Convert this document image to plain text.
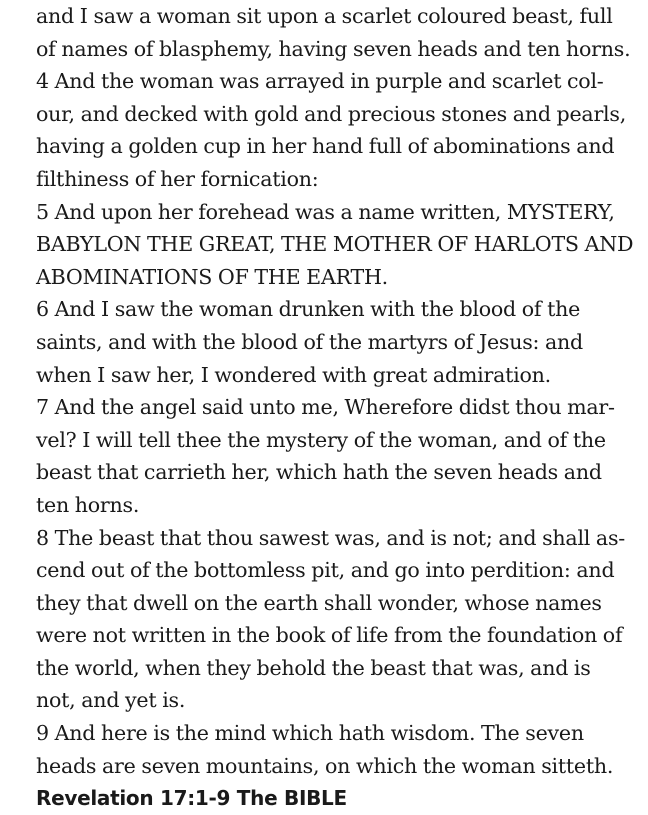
and I saw a woman sit upon a scarlet coloured beast, full
of names of blasphemy, having seven heads and ten horns.
4 And the woman was arrayed in purple and scarlet col-
our, and decked with gold and precious stones and pearls,
having a golden cup in her hand full of abominations and
filthiness of her fornication:
5 And upon her forehead was a name written, MYSTERY,
BABYLON THE GREAT, THE MOTHER OF HARLOTS AND
ABOMINATIONS OF THE EARTH.
6 And I saw the woman drunken with the blood of the
saints, and with the blood of the martyrs of Jesus: and
when I saw her, I wondered with great admiration.
7 And the angel said unto me, Wherefore didst thou mar-
vel? I will tell thee the mystery of the woman, and of the
beast that carrieth her, which hath the seven heads and
ten horns.
8 The beast that thou sawest was, and is not; and shall as-
cend out of the bottomless pit, and go into perdition: and
they that dwell on the earth shall wonder, whose names
were not written in the book of life from the foundation of
the world, when they behold the beast that was, and is
not, and yet is.
9 And here is the mind which hath wisdom. The seven
heads are seven mountains, on which the woman sitteth.
Revelation 17:1-9 The BIBLE
